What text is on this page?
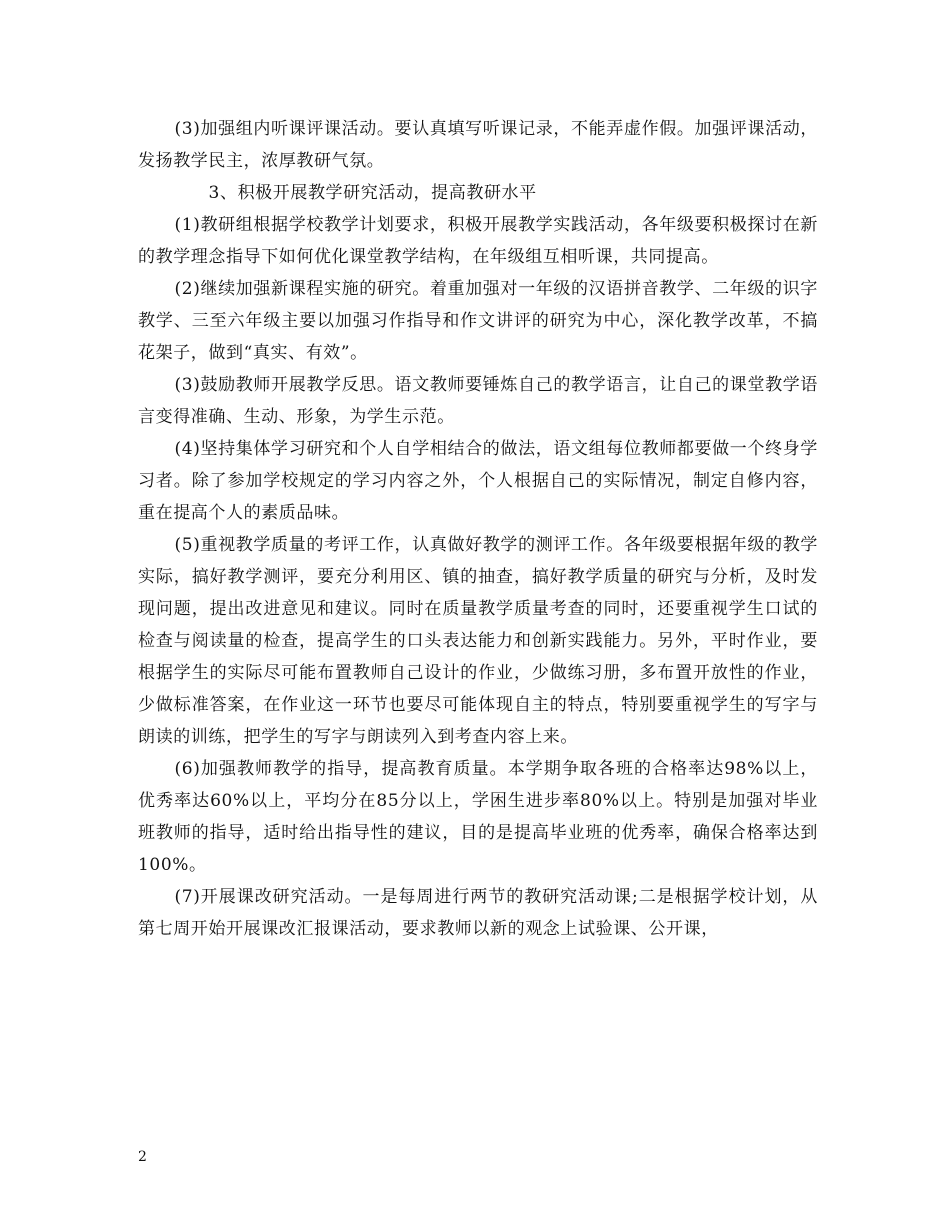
(3)加强组内听课评课活动。要认真填写听课记录，不能弄虚作假。加强评课活动，发扬教学民主，浓厚教研气氛。

3、积极开展教学研究活动，提高教研水平

(1)教研组根据学校教学计划要求，积极开展教学实践活动，各年级要积极探讨在新的教学理念指导下如何优化课堂教学结构，在年级组互相听课，共同提高。

(2)继续加强新课程实施的研究。着重加强对一年级的汉语拼音教学、二年级的识字教学、三至六年级主要以加强习作指导和作文讲评的研究为中心，深化教学改革，不搞花架子，做到“真实、有效”。

(3)鼓励教师开展教学反思。语文教师要锤炼自己的教学语言，让自己的课堂教学语言变得准确、生动、形象，为学生示范。

(4)坚持集体学习研究和个人自学相结合的做法，语文组每位教师都要做一个终身学习者。除了参加学校规定的学习内容之外，个人根据自己的实际情况，制定自修内容，重在提高个人的素质品味。

(5)重视教学质量的考评工作，认真做好教学的测评工作。各年级要根据年级的教学实际，搞好教学测评，要充分利用区、镇的抽查，搞好教学质量的研究与分析，及时发现问题，提出改进意见和建议。同时在质量教学质量考查的同时，还要重视学生口试的检查与阅读量的检查，提高学生的口头表达能力和创新实践能力。另外，平时作业，要根据学生的实际尽可能布置教师自己设计的作业，少做练习册，多布置开放性的作业，少做标准答案，在作业这一环节也要尽可能体现自主的特点，特别要重视学生的写字与朗读的训练，把学生的写字与朗读列入到考查内容上来。

(6)加强教师教学的指导，提高教育质量。本学期争取各班的合格率达98%以上，优秀率达60%以上，平均分在85分以上，学困生进步率80%以上。特别是加强对毕业班教师的指导，适时给出指导性的建议，目的是提高毕业班的优秀率，确保合格率达到100%。

(7)开展课改研究活动。一是每周进行两节的教研究活动课;二是根据学校计划，从第七周开始开展课改汇报课活动，要求教师以新的观念上试验课、公开课，

2
